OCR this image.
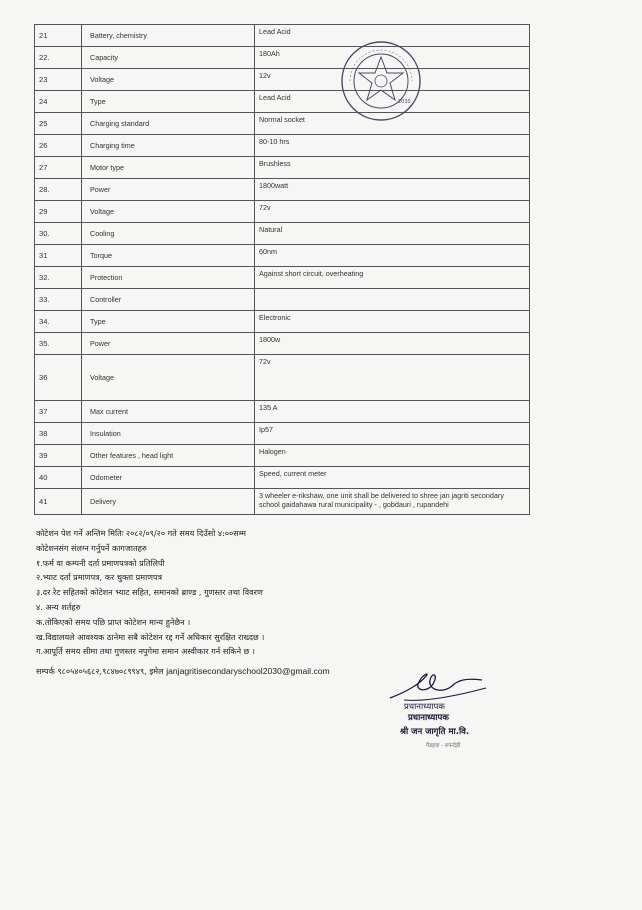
21	Battery, chemistry	Lead Acid
22.	Capacity	180Ah
23	Voltage	12v
24	Type	Lead Acid
25	Charging standard	Normal socket
26	Charging time	80-10 hrs
27	Motor type	Brushless
28.	Power	1800watt
29	Voltage	72v
30.	Cooling	Natural
31	Torque	60nm
32.	Protection	Against short circuit, overheating
33.	Controller	
34.	Type	Electronic
35.	Power	1800w
36	Voltage	72v
37	Max current	135 A
38	Insulation	Ip57
39	Other features , head light	Halogen
40	Odometer	Speed, current meter
41	Delivery	3 wheeler e-rikshaw, one unit shall be delivered to shree jan jagriti secondary school gaidahawa rural municipality - , gobdauri , rupandehi
2030
कोटेशन पेश गर्ने अन्तिम मितिः २०८२/०९/२० गते समय दिउँसो ४:००सम्म
कोटेशनसंग संलग्न गर्नुपर्ने कागजातहरु
१.फर्म वा कम्पनी दर्ता प्रमाणपत्रको प्रतिलिपी
२.भ्याट दर्ता प्रमाणपत्र, कर चुक्ता प्रमाणपत्र
३.दर रेट सहितको कोटेशन भ्याट सहित, समानको ब्राण्ड , गुणस्तर तथा विवरण
४. अन्य शर्तहरु
क.तोकिएको समय पछि प्राप्त कोटेशन मान्य हुनेछैन ।
ख.विद्यालयले आवश्यक ठानेमा सबै कोटेशन रद्द गर्ने अधिकार सुरक्षित राख्दछ ।
ग.आपूर्ति समय सीमा तथा गुणस्तर नपुगेमा समान अस्वीकार गर्न सकिने छ ।
सम्पर्क ९८०५४०५६८२,९८४७०८९९४९, इमेल janjagritisecondaryschool2030@gmail.com
प्रधानाध्यापक
प्रधानाध्यापक
श्री जन जागृति मा.वि.
गैडहवा - रुपन्देही
